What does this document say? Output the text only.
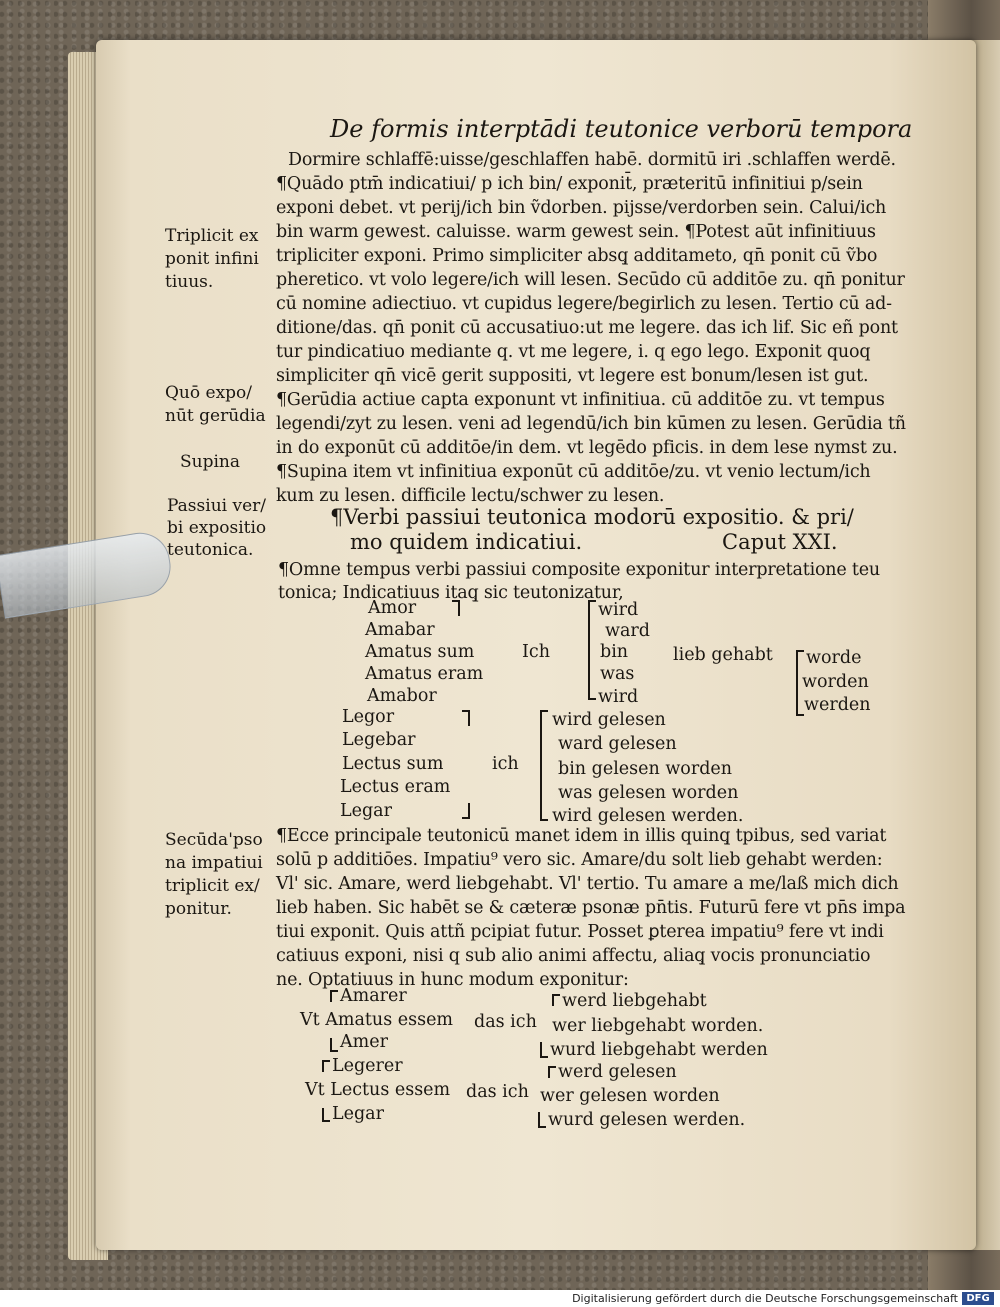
De formis interptādi teutonice verborū tempora
Dormire schlaffē:uisse/geschlaffen habē. dormitū iri .schlaffen werdē.
¶Quādo ptm̄ indicatiui/ p ich bin/ exponit̄, præteritū infinitiui p/sein
exponi debet. vt perij/ich bin ṽdorben. pijsse/verdorben sein. Calui/ich
bin warm gewest. caluisse. warm gewest sein. ¶Potest aūt infinitiuus
tripliciter exponi. Primo simpliciter absq̧ additameto, qn̄ ponit cū ṽbo
pheretico. vt volo legere/ich will lesen. Secūdo cū additōe zu. qn̄ ponitur
cū nomine adiectiuo. vt cupidus legere/begirlich zu lesen. Tertio cū ad-
ditione/das. qn̄ ponit cū accusatiuo:ut me legere. das ich lif. Sic eñ pont
tur pindicatiuo mediante q. vt me legere, i. q ego lego. Exponit quoq
simpliciter qn̄ vicē gerit suppositi, vt legere est bonum/lesen ist gut.
¶Gerūdia actiue capta exponunt vt infinitiua. cū additōe zu. vt tempus
legendi/zyt zu lesen. veni ad legendū/ich bin kūmen zu lesen. Gerūdia tñ
in do exponūt cū additōe/in dem. vt legēdo pficis. in dem lese nymst zu.
¶Supina item vt infinitiua exponūt cū additōe/zu. vt venio lectum/ich
kum zu lesen. difficile lectu/schwer zu lesen.
Triplicit ex
ponit infini
tiuus.
Quō expo/
nūt gerūdia
Supina
Passiui ver/
bi expositio
teutonica.
Secūda'pso
na impatiui
triplicit ex/
ponitur.
¶Verbi passiui teutonica modorū expositio. & pri/
mo quidem indicatiui.	Caput XXI.
¶Omne tempus verbi passiui composite exponitur interpretatione teu
tonica; Indicatiuus itaq̧ sic teutonizatur,
Amor
Amabar
Amatus sum
Amatus eram
Amabor
Ich
wird
ward
bin
was
wird
lieb gehabt worde
worden
werden
Legor
Legebar
Lectus sum
Lectus eram
Legar
ich
wird gelesen
ward gelesen
bin gelesen worden
was gelesen worden
wird gelesen werden.
¶Ecce principale teutonicū manet idem in illis quinq̧ tpibus, sed variat
solū p additiōes. Impatiu⁹ vero sic. Amare/du solt lieb gehabt werden:
Vl' sic. Amare, werd liebgehabt. Vl' tertio. Tu amare a me/laß mich dich
lieb haben. Sic habēt se & cæteræ psonæ pn̄tis. Futurū fere vt pn̄s impa
tiui exponit. Quis attñ pcipiat futur. Posset ꝑterea impatiu⁹ fere vt indi
catiuus exponi, nisi q sub alio animi affectu, aliaq̧ vocis pronunciatio
ne. Optatiuus in hunc modum exponitur:
Amarer
Vt Amatus essem
Amer
Legerer
Vt Lectus essem
Legar
das ich
das ich
werd liebgehabt
wer liebgehabt worden.
wurd liebgehabt werden
werd gelesen
wer gelesen worden
wurd gelesen werden.
Digitalisierung gefördert durch die Deutsche Forschungsgemeinschaft DFG
